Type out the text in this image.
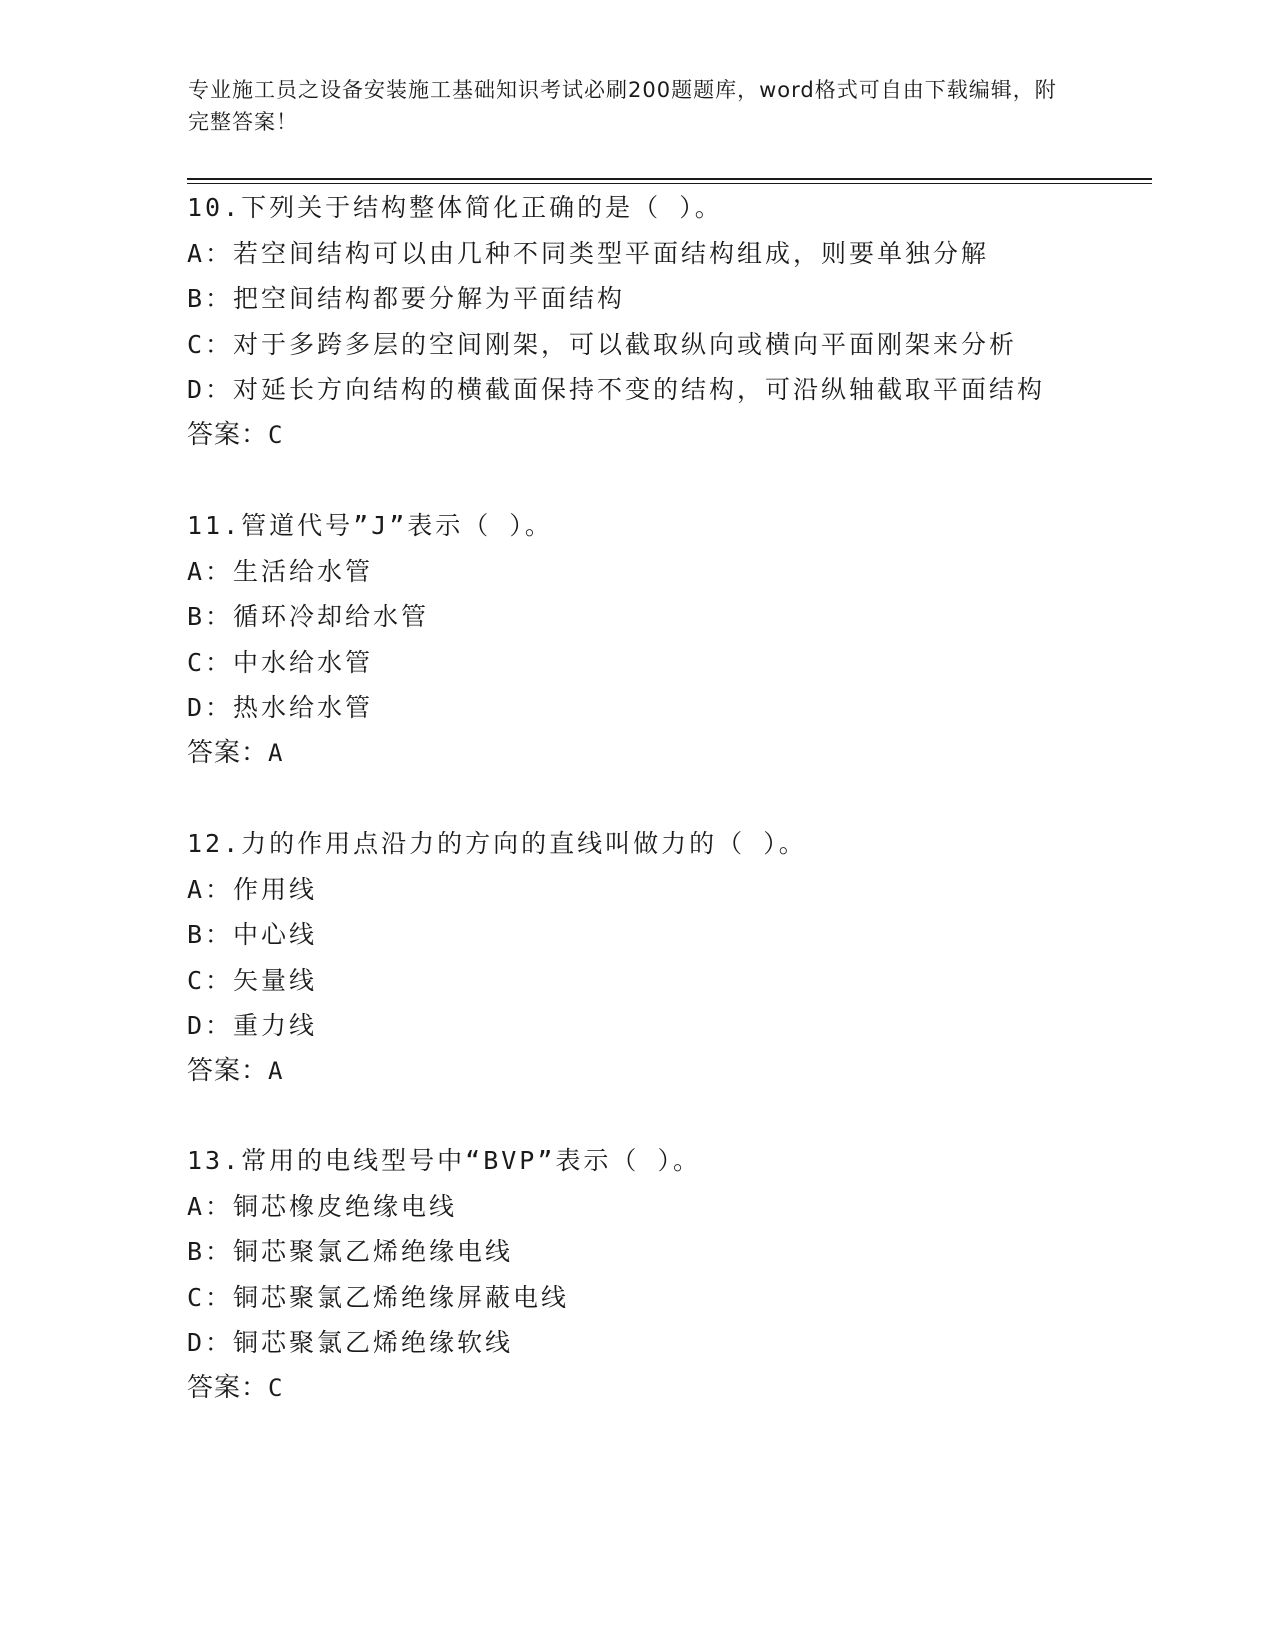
专业施工员之设备安装施工基础知识考试必刷200题题库，word格式可自由下载编辑，附完整答案！

10.下列关于结构整体简化正确的是（ ）。
A：若空间结构可以由几种不同类型平面结构组成，则要单独分解
B：把空间结构都要分解为平面结构
C：对于多跨多层的空间刚架，可以截取纵向或横向平面刚架来分析
D：对延长方向结构的横截面保持不变的结构，可沿纵轴截取平面结构
答案：C
11.管道代号”J”表示（ ）。
A：生活给水管
B：循环冷却给水管
C：中水给水管
D：热水给水管
答案：A
12.力的作用点沿力的方向的直线叫做力的（ ）。
A：作用线
B：中心线
C：矢量线
D：重力线
答案：A
13.常用的电线型号中“BVP”表示（ ）。
A：铜芯橡皮绝缘电线
B：铜芯聚氯乙烯绝缘电线
C：铜芯聚氯乙烯绝缘屏蔽电线
D：铜芯聚氯乙烯绝缘软线
答案：C
